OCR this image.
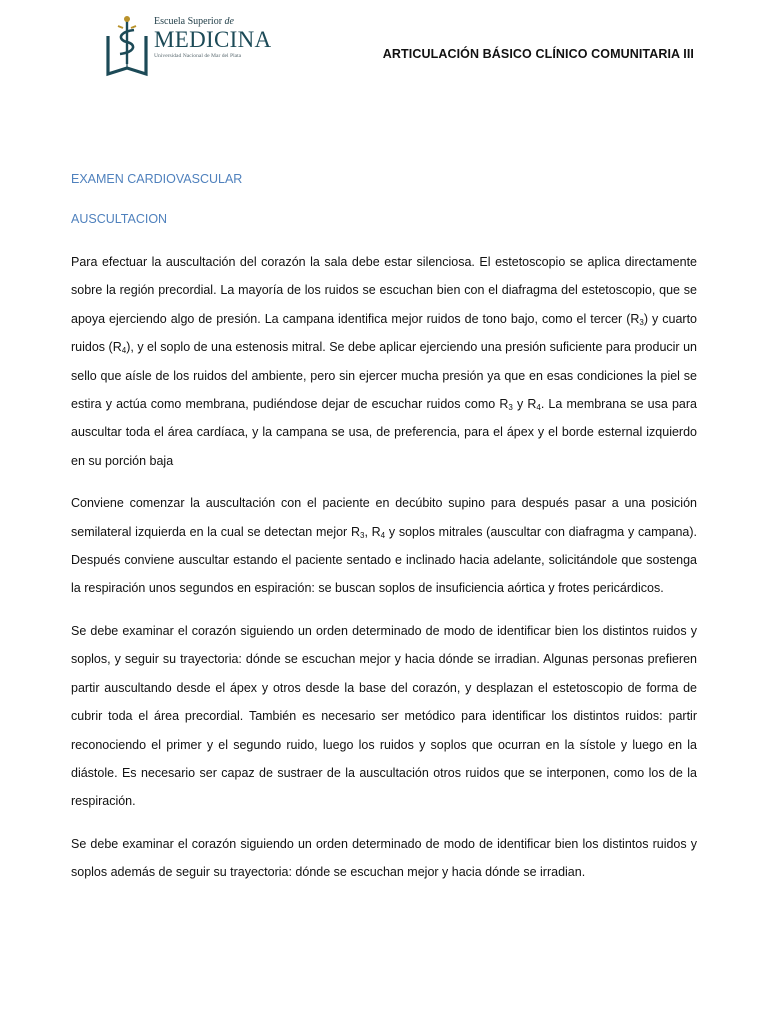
Escuela Superior de
MEDICINA
Universidad Nacional de Mar del Plata	ARTICULACIÓN BÁSICO CLÍNICO COMUNITARIA III

EXAMEN CARDIOVASCULAR

AUSCULTACION

Para efectuar la auscultación del corazón la sala debe estar silenciosa. El estetoscopio se aplica directamente sobre la región precordial. La mayoría de los ruidos se escuchan bien con el diafragma del estetoscopio, que se apoya ejerciendo algo de presión. La campana identifica mejor ruidos de tono bajo, como el tercer $(R_3)$ y cuarto ruidos $(R_4)$, y el soplo de una estenosis mitral. Se debe aplicar ejerciendo una presión suficiente para producir un sello que aísle de los ruidos del ambiente, pero sin ejercer mucha presión ya que en esas condiciones la piel se estira y actúa como membrana, pudiéndose dejar de escuchar ruidos como $R_3$ y $R_4$. La membrana se usa para auscultar toda el área cardíaca, y la campana se usa, de preferencia, para el ápex y el borde esternal izquierdo en su porción baja

Conviene comenzar la auscultación con el paciente en decúbito supino para después pasar a una posición semilateral izquierda en la cual se detectan mejor $R_3$, $R_4$ y soplos mitrales (auscultar con diafragma y campana). Después conviene auscultar estando el paciente sentado e inclinado hacia adelante, solicitándole que sostenga la respiración unos segundos en espiración: se buscan soplos de insuficiencia aórtica y frotes pericárdicos.

Se debe examinar el corazón siguiendo un orden determinado de modo de identificar bien los distintos ruidos y soplos, y seguir su trayectoria: dónde se escuchan mejor y hacia dónde se irradian. Algunas personas prefieren partir auscultando desde el ápex y otros desde la base del corazón, y desplazan el estetoscopio de forma de cubrir toda el área precordial. También es necesario ser metódico para identificar los distintos ruidos: partir reconociendo el primer y el segundo ruido, luego los ruidos y soplos que ocurran en la sístole y luego en la diástole. Es necesario ser capaz de sustraer de la auscultación otros ruidos que se interponen, como los de la respiración.

Se debe examinar el corazón siguiendo un orden determinado de modo de identificar bien los distintos ruidos y soplos además de seguir su trayectoria: dónde se escuchan mejor y hacia dónde se irradian.
